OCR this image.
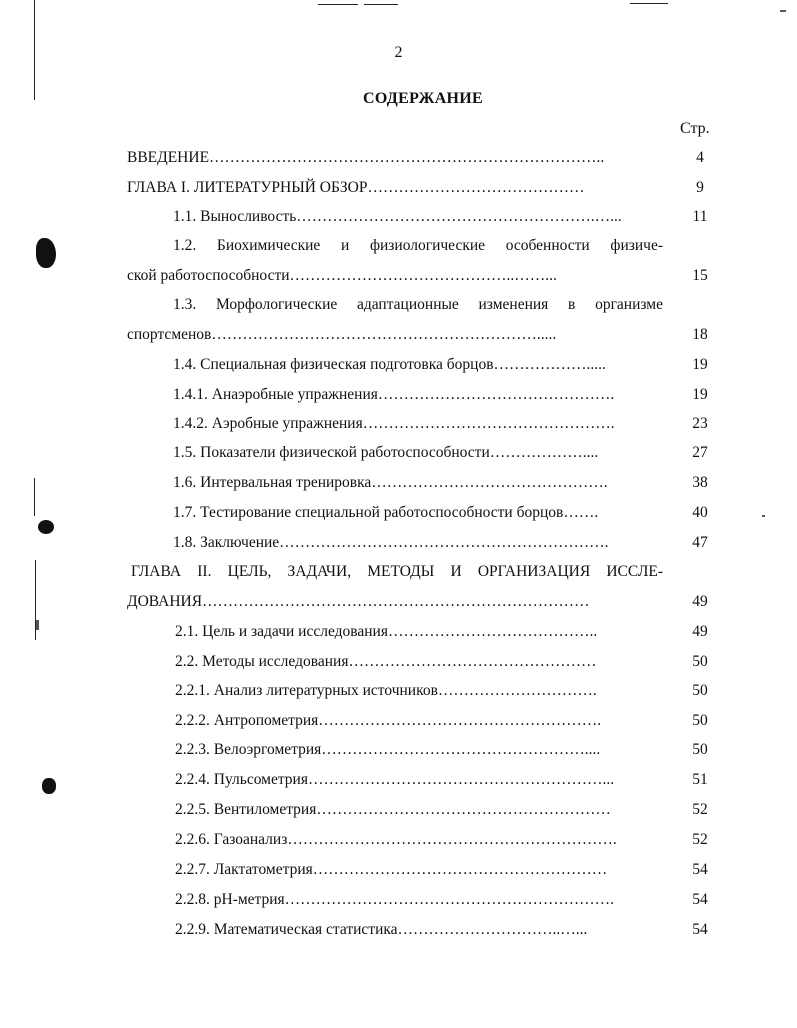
2
СОДЕРЖАНИЕ
Стр.
ВВЕДЕНИЕ…………………………………………………………………..	4
ГЛАВА I. ЛИТЕРАТУРНЫЙ ОБЗОР……………………………………	9
1.1. Выносливость………………………………………………….…...	11
1.2. Биохимические и физиологические особенности физиче-
ской работоспособности……………………………………..……...	15
1.3. Морфологические адаптационные изменения в организме
спортсменов……………………………………………………….....	18
1.4. Специальная физическая подготовка борцов……………….....	19
1.4.1. Анаэробные упражнения……………………………………….	19
1.4.2. Аэробные упражнения………………………………………….	23
1.5. Показатели физической работоспособности………………....	27
1.6. Интервальная тренировка……………………………………….	38
1.7. Тестирование специальной работоспособности борцов…….	40
1.8. Заключение……………………………………………………….	47
ГЛАВА II. ЦЕЛЬ, ЗАДАЧИ, МЕТОДЫ И ОРГАНИЗАЦИЯ ИССЛЕ-
ДОВАНИЯ…………………………………………………………………	49
2.1. Цель и задачи исследования…………………………………..	49
2.2. Методы исследования…………………………………………	50
2.2.1. Анализ литературных источников………………………….	50
2.2.2. Антропометрия……………………………………………….	50
2.2.3. Велоэргометрия……………………………………………....	50
2.2.4. Пульсометрия…………………………………………………...	51
2.2.5. Вентилометрия…………………………………………………	52
2.2.6. Газоанализ……………………………………………………….	52
2.2.7. Лактатометрия…………………………………………………	54
2.2.8. рН-метрия……………………………………………………….	54
2.2.9. Математическая статистика…………………………..…...	54
